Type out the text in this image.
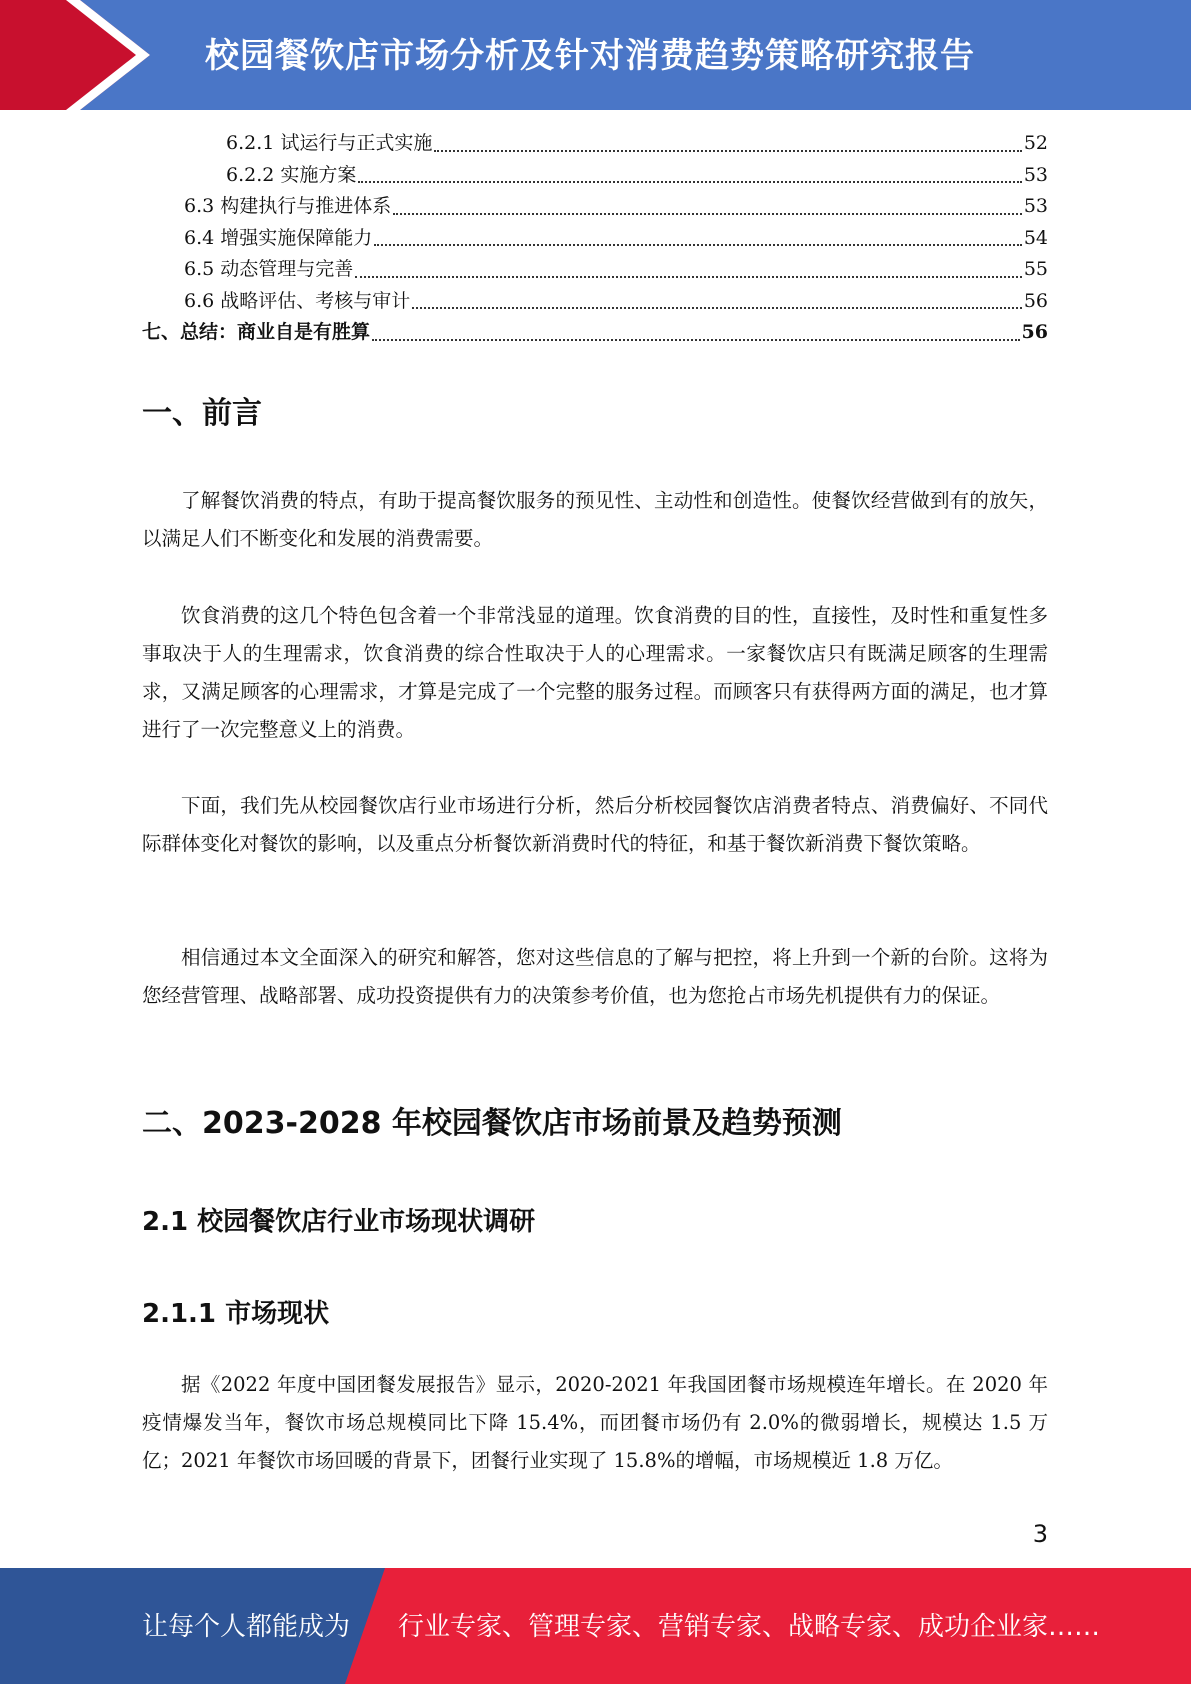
校园餐饮店市场分析及针对消费趋势策略研究报告
6.2.1 试运行与正式实施	52
6.2.2 实施方案	53
6.3 构建执行与推进体系	53
6.4 增强实施保障能力	54
6.5 动态管理与完善	55
6.6 战略评估、考核与审计	56
七、总结：商业自是有胜算	56
一、前言

了解餐饮消费的特点，有助于提高餐饮服务的预见性、主动性和创造性。使餐饮经营做到有的放矢，以满足人们不断变化和发展的消费需要。

饮食消费的这几个特色包含着一个非常浅显的道理。饮食消费的目的性，直接性，及时性和重复性多事取决于人的生理需求，饮食消费的综合性取决于人的心理需求。一家餐饮店只有既满足顾客的生理需求，又满足顾客的心理需求，才算是完成了一个完整的服务过程。而顾客只有获得两方面的满足，也才算进行了一次完整意义上的消费。

下面，我们先从校园餐饮店行业市场进行分析，然后分析校园餐饮店消费者特点、消费偏好、不同代际群体变化对餐饮的影响，以及重点分析餐饮新消费时代的特征，和基于餐饮新消费下餐饮策略。

相信通过本文全面深入的研究和解答，您对这些信息的了解与把控，将上升到一个新的台阶。这将为您经营管理、战略部署、成功投资提供有力的决策参考价值，也为您抢占市场先机提供有力的保证。

二、2023-2028 年校园餐饮店市场前景及趋势预测
2.1 校园餐饮店行业市场现状调研
2.1.1 市场现状

据《2022 年度中国团餐发展报告》显示，2020-2021 年我国团餐市场规模连年增长。在 2020 年疫情爆发当年，餐饮市场总规模同比下降 15.4%，而团餐市场仍有 2.0%的微弱增长，规模达 1.5 万亿；2021 年餐饮市场回暖的背景下，团餐行业实现了 15.8%的增幅，市场规模近 1.8 万亿。

3
让每个人都能成为 行业专家、管理专家、营销专家、战略专家、成功企业家……
